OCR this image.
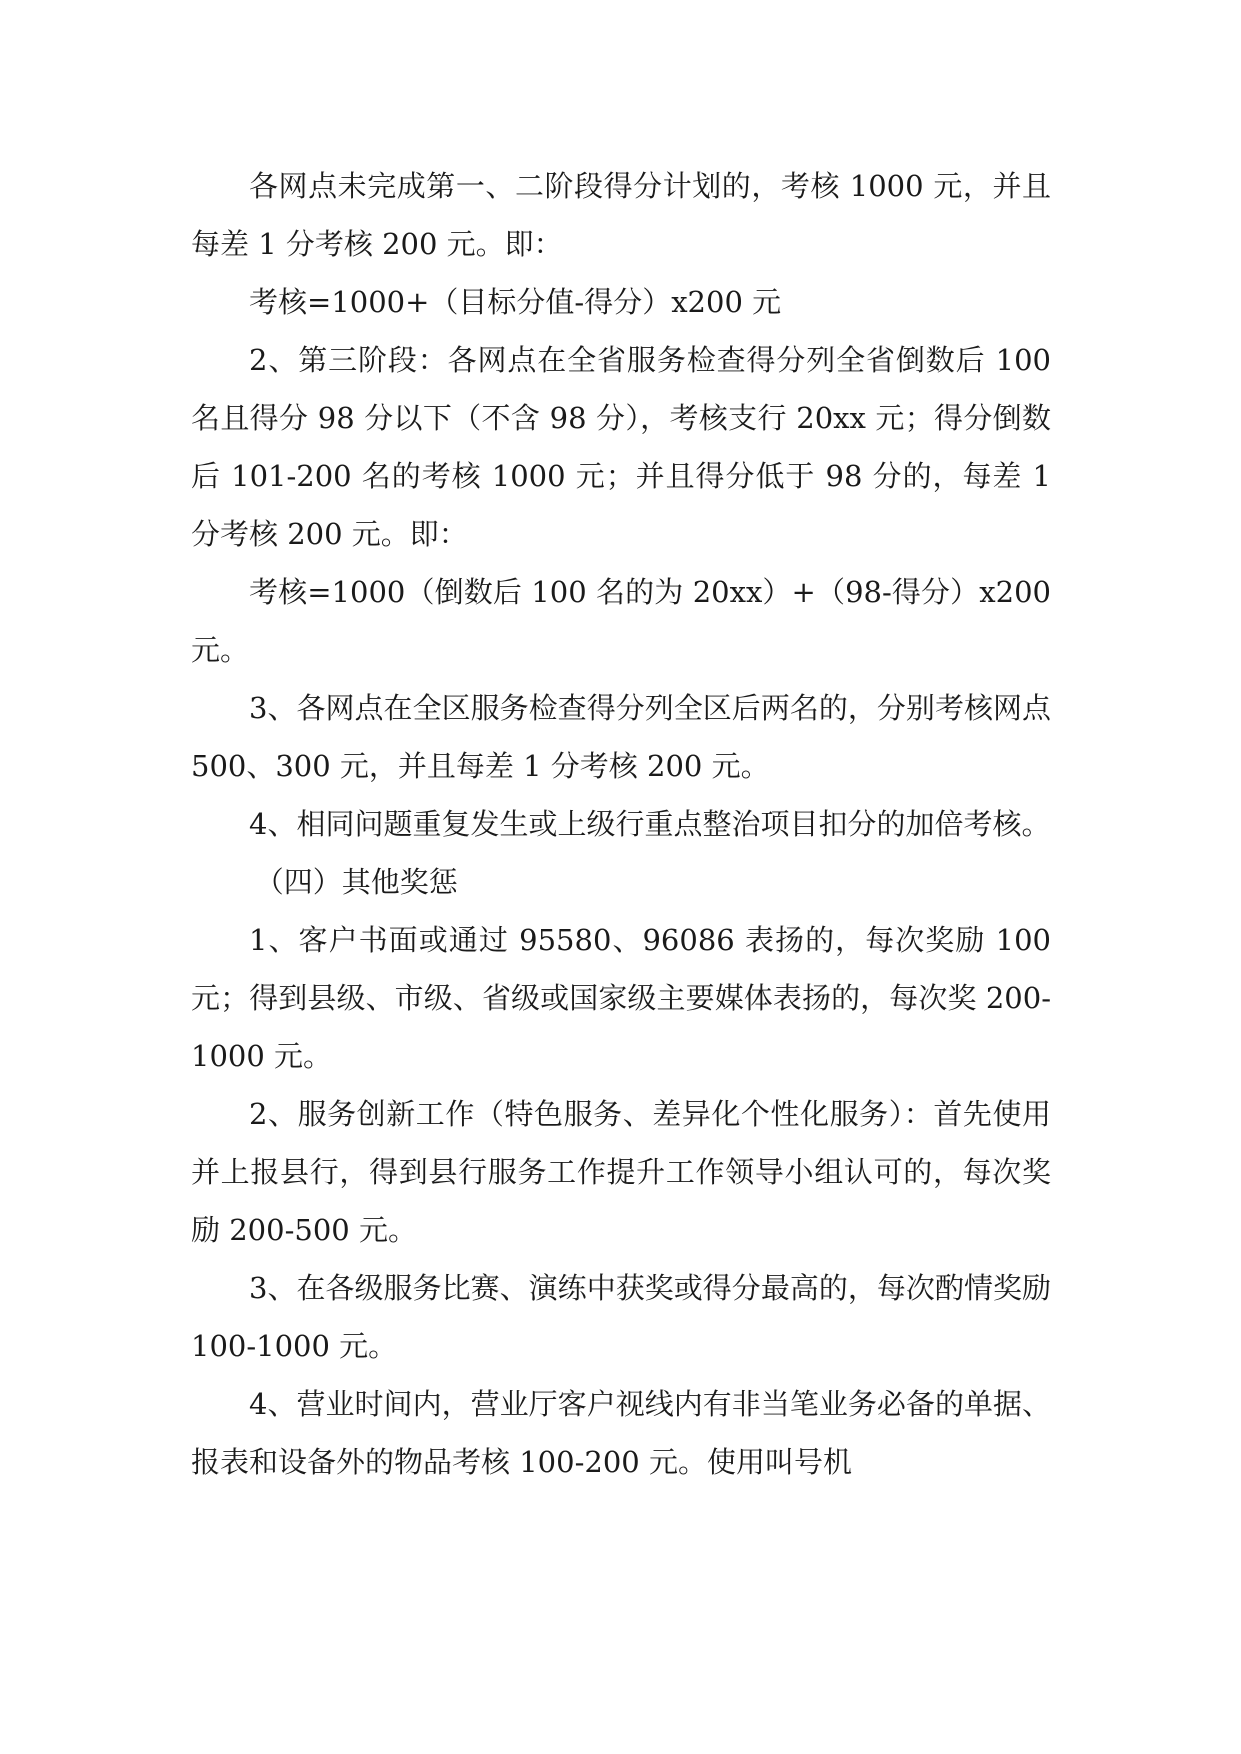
各网点未完成第一、二阶段得分计划的，考核 1000 元，并且每差 1 分考核 200 元。即：

考核=1000+（目标分值-得分）x200 元

2、第三阶段：各网点在全省服务检查得分列全省倒数后 100 名且得分 98 分以下（不含 98 分），考核支行 20xx 元；得分倒数后 101-200 名的考核 1000 元；并且得分低于 98 分的，每差 1 分考核 200 元。即：

考核=1000（倒数后 100 名的为 20xx）+（98-得分）x200 元。

3、各网点在全区服务检查得分列全区后两名的，分别考核网点 500、300 元，并且每差 1 分考核 200 元。

4、相同问题重复发生或上级行重点整治项目扣分的加倍考核。

（四）其他奖惩

1、客户书面或通过 95580、96086 表扬的，每次奖励 100 元；得到县级、市级、省级或国家级主要媒体表扬的，每次奖 200-1000 元。

2、服务创新工作（特色服务、差异化个性化服务）：首先使用并上报县行，得到县行服务工作提升工作领导小组认可的，每次奖励 200-500 元。

3、在各级服务比赛、演练中获奖或得分最高的，每次酌情奖励 100-1000 元。

4、营业时间内，营业厅客户视线内有非当笔业务必备的单据、报表和设备外的物品考核 100-200 元。使用叫号机
